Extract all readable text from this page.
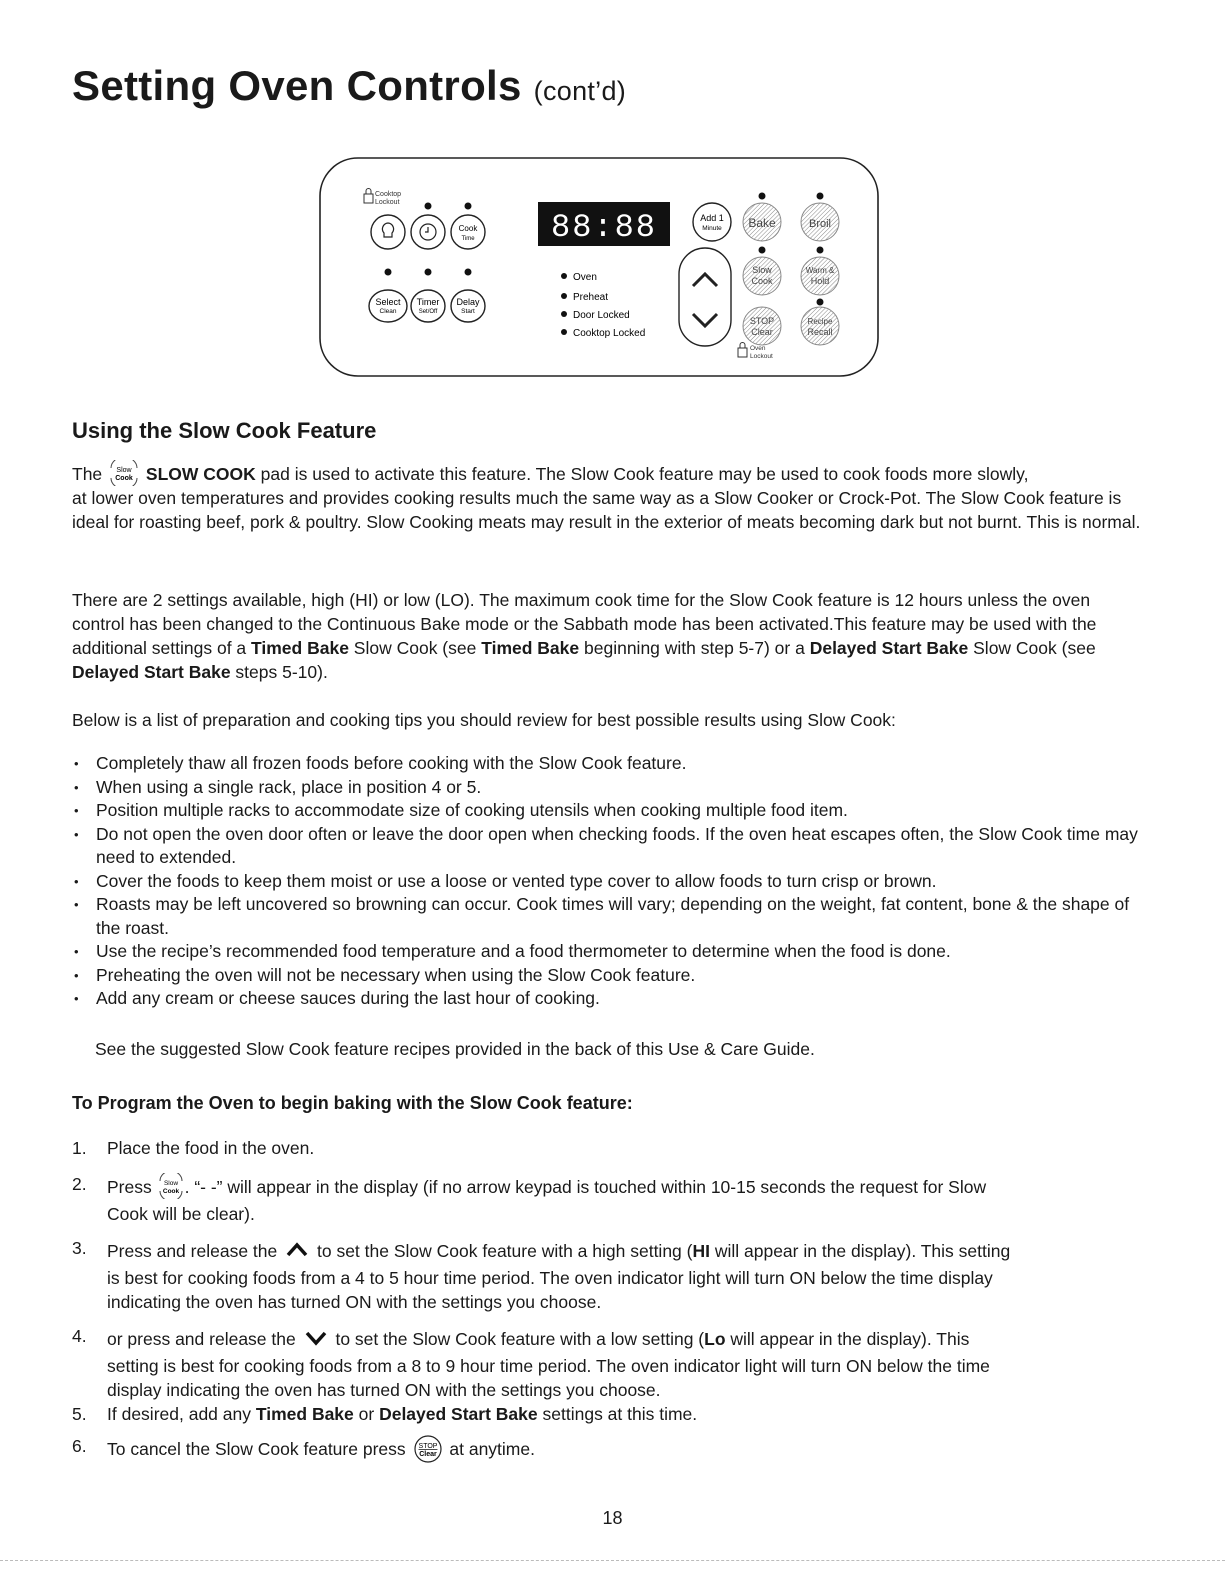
Setting Oven Controls (cont’d)
Cooktop
Lockout
Cook
Time
Select
Clean
Timer
Set/Off
Delay
Start
88:88
Oven
Preheat
Door Locked
Cooktop Locked
Add 1
Minute Bake	Broil
Slow
Cook
Warm &
Hold
STOP
Clear
Recipe
Recall
Oven
Lockout
Using the Slow Cook Feature

The Slow
Cook SLOW COOK pad is used to activate this feature. The Slow Cook feature may be used to cook foods more slowly,

at lower oven temperatures and provides cooking results much the same way as a Slow Cooker or Crock-Pot. The Slow Cook feature is ideal for roasting beef, pork & poultry. Slow Cooking meats may result in the exterior of meats becoming dark but not burnt. This is normal.

There are 2 settings available, high (HI) or low (LO). The maximum cook time for the Slow Cook feature is 12 hours unless the oven control has been changed to the Continuous Bake mode or the Sabbath mode has been activated.This feature may be used with the additional settings of a Timed Bake Slow Cook (see Timed Bake beginning with step 5-7) or a Delayed Start Bake Slow Cook (see Delayed Start Bake steps 5-10).

Below is a list of preparation and cooking tips you should review for best possible results using Slow Cook:
• Completely thaw all frozen foods before cooking with the Slow Cook feature.
• When using a single rack, place in position 4 or 5.
• Position multiple racks to accommodate size of cooking utensils when cooking multiple food item.
• Do not open the oven door often or leave the door open when checking foods. If the oven heat escapes often, the Slow Cook time may need to extended.
• Cover the foods to keep them moist or use a loose or vented type cover to allow foods to turn crisp or brown.
• Roasts may be left uncovered so browning can occur. Cook times will vary; depending on the weight, fat content, bone & the shape of the roast.
• Use the recipe’s recommended food temperature and a food thermometer to determine when the food is done.
• Preheating the oven will not be necessary when using the Slow Cook feature.
• Add any cream or cheese sauces during the last hour of cooking.
See the suggested Slow Cook feature recipes provided in the back of this Use & Care Guide.
To Program the Oven to begin baking with the Slow Cook feature:
1. Place the food in the oven.
2. Press Slow
Cook . “- -” will appear in the display (if no arrow keypad is touched within 10-15 seconds the request for Slow
Cook will be clear).
3. Press and release the  to set the Slow Cook feature with a high setting (HI will appear in the display). This setting
is best for cooking foods from a 4 to 5 hour time period. The oven indicator light will turn ON below the time display
indicating the oven has turned ON with the settings you choose.
4. or press and release the  to set the Slow Cook feature with a low setting (Lo will appear in the display). This
setting is best for cooking foods from a 8 to 9 hour time period. The oven indicator light will turn ON below the time
display indicating the oven has turned ON with the settings you choose.
5. If desired, add any Timed Bake or Delayed Start Bake settings at this time.
6. To cancel the Slow Cook feature press STOP
Clear at anytime.
18
